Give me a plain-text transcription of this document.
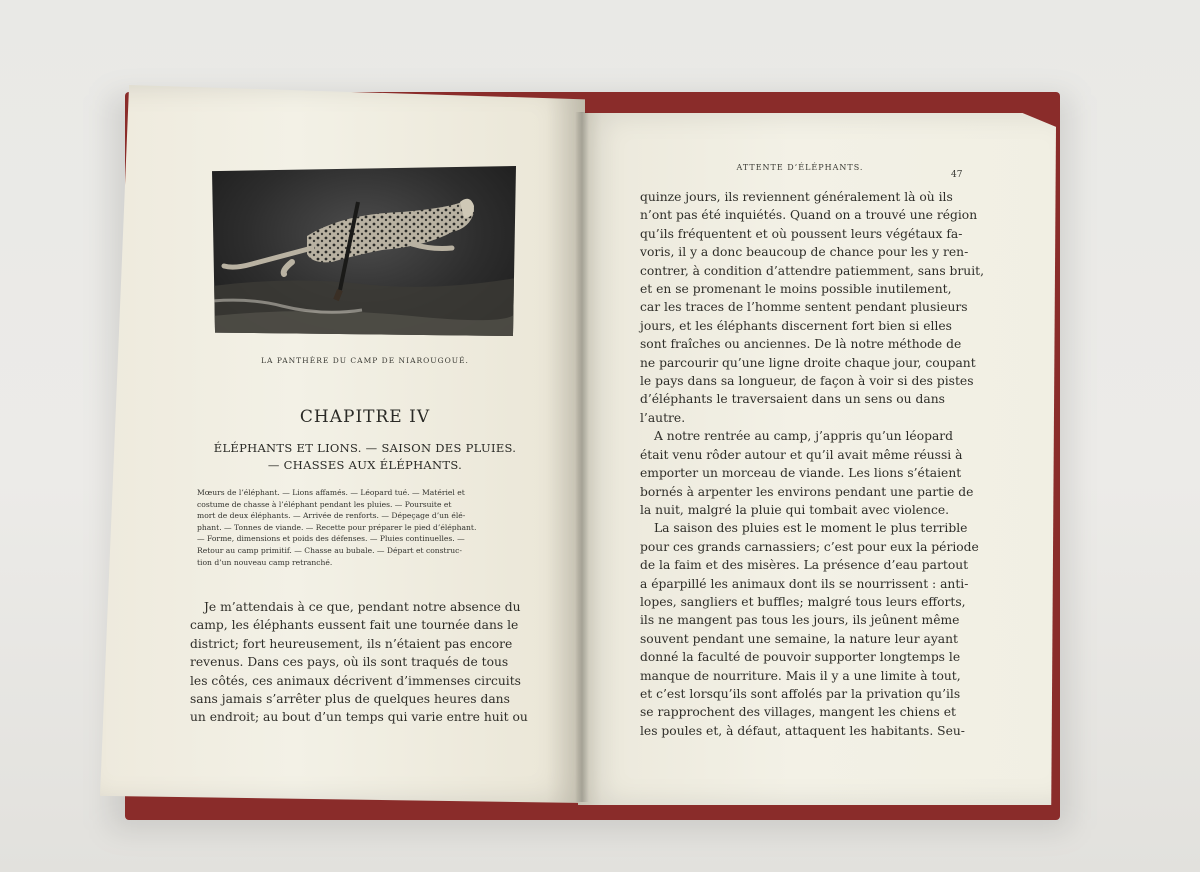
LA PANTHÈRE DU CAMP DE NIAROUGOUÉ.
CHAPITRE IV
ÉLÉPHANTS ET LIONS. — SAISON DES PLUIES.
— CHASSES AUX ÉLÉPHANTS.
Mœurs de l’éléphant. — Lions affamés. — Léopard tué. — Matériel et
costume de chasse à l’éléphant pendant les pluies. — Poursuite et
mort de deux éléphants. — Arrivée de renforts. — Dépeçage d’un élé-
phant. — Tonnes de viande. — Recette pour préparer le pied d’éléphant.
— Forme, dimensions et poids des défenses. — Pluies continuelles. —
Retour au camp primitif. — Chasse au bubale. — Départ et construc-
tion d’un nouveau camp retranché.
Je m’attendais à ce que, pendant notre absence du
camp, les éléphants eussent fait une tournée dans le
district; fort heureusement, ils n’étaient pas encore
revenus. Dans ces pays, où ils sont traqués de tous
les côtés, ces animaux décrivent d’immenses circuits
sans jamais s’arrêter plus de quelques heures dans
un endroit; au bout d’un temps qui varie entre huit ou
ATTENTE D’ÉLÉPHANTS.
47
quinze jours, ils reviennent généralement là où ils
n’ont pas été inquiétés. Quand on a trouvé une région
qu’ils fréquentent et où poussent leurs végétaux fa-
voris, il y a donc beaucoup de chance pour les y ren-
contrer, à condition d’attendre patiemment, sans bruit,
et en se promenant le moins possible inutilement,
car les traces de l’homme sentent pendant plusieurs
jours, et les éléphants discernent fort bien si elles
sont fraîches ou anciennes. De là notre méthode de
ne parcourir qu’une ligne droite chaque jour, coupant
le pays dans sa longueur, de façon à voir si des pistes
d’éléphants le traversaient dans un sens ou dans
l’autre.
A notre rentrée au camp, j’appris qu’un léopard
était venu rôder autour et qu’il avait même réussi à
emporter un morceau de viande. Les lions s’étaient
bornés à arpenter les environs pendant une partie de
la nuit, malgré la pluie qui tombait avec violence.
La saison des pluies est le moment le plus terrible
pour ces grands carnassiers; c’est pour eux la période
de la faim et des misères. La présence d’eau partout
a éparpillé les animaux dont ils se nourrissent : anti-
lopes, sangliers et buffles; malgré tous leurs efforts,
ils ne mangent pas tous les jours, ils jeûnent même
souvent pendant une semaine, la nature leur ayant
donné la faculté de pouvoir supporter longtemps le
manque de nourriture. Mais il y a une limite à tout,
et c’est lorsqu’ils sont affolés par la privation qu’ils
se rapprochent des villages, mangent les chiens et
les poules et, à défaut, attaquent les habitants. Seu-
